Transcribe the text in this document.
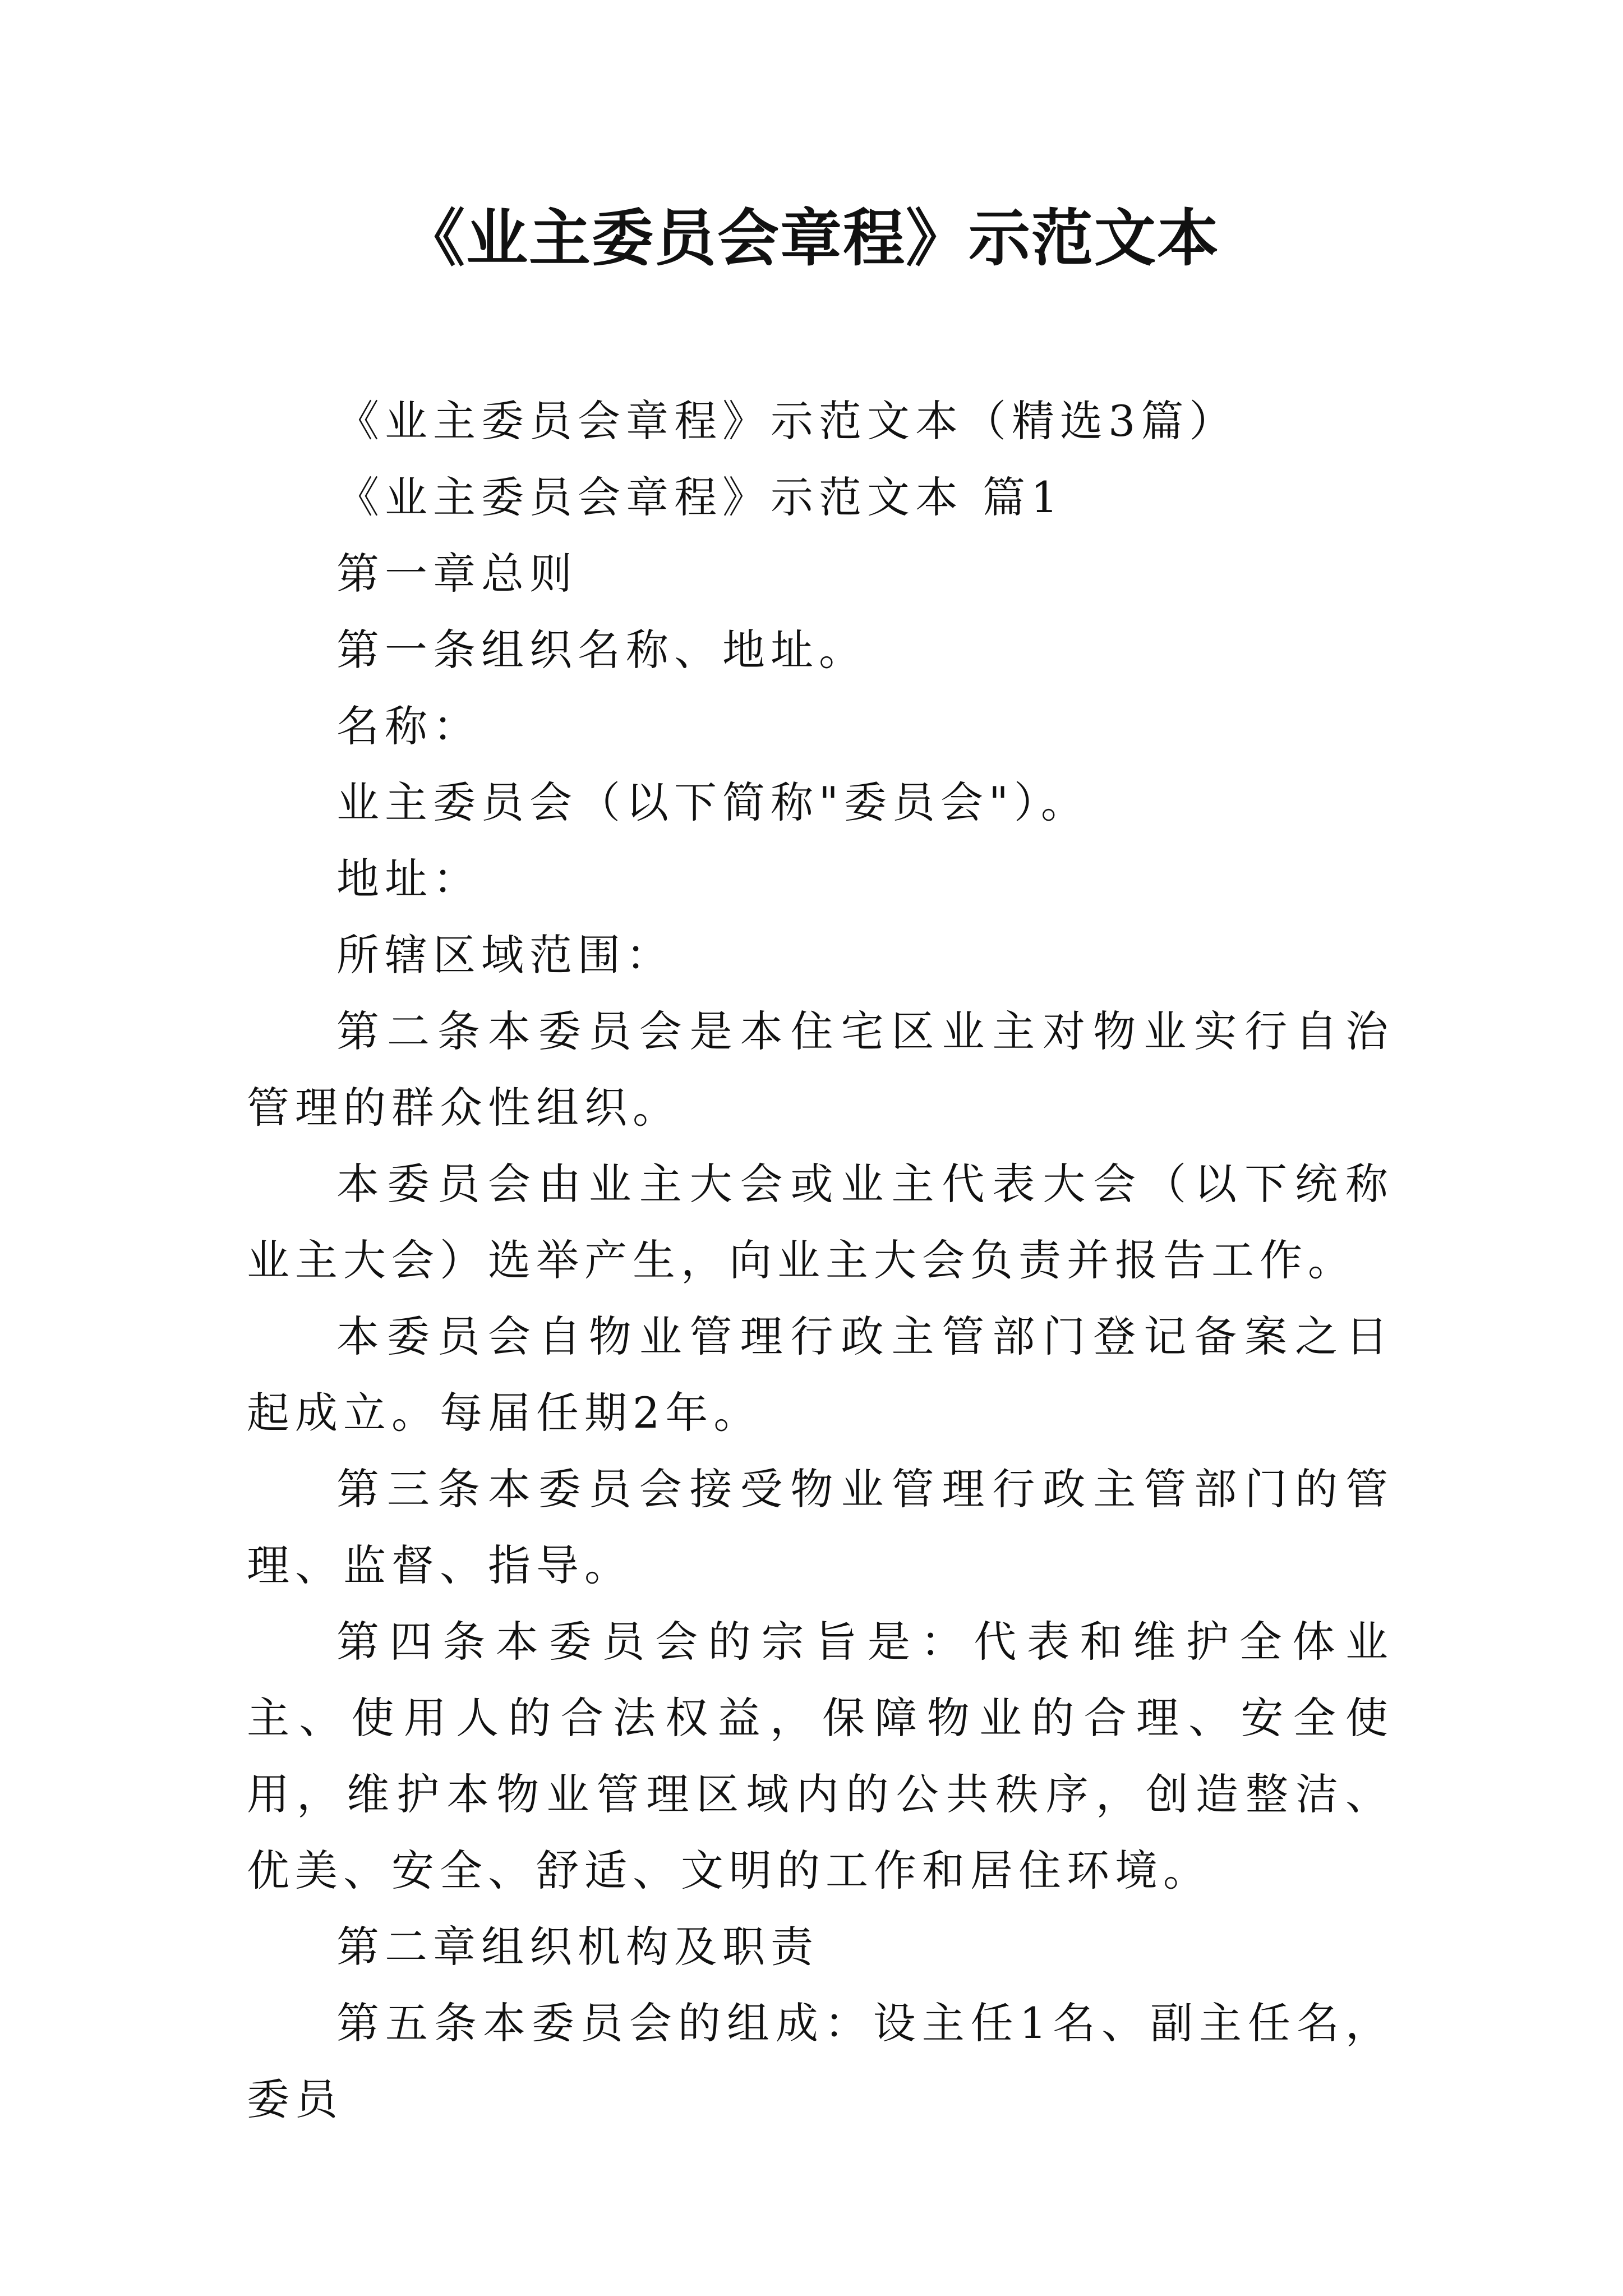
《业主委员会章程》示范文本

《业主委员会章程》示范文本（精选3篇）

《业主委员会章程》示范文本 篇1

第一章总则

第一条组织名称、地址。

名称：

业主委员会（以下简称"委员会"）。

地址：

所辖区域范围：

第二条本委员会是本住宅区业主对物业实行自治管理的群众性组织。

本委员会由业主大会或业主代表大会（以下统称业主大会）选举产生，向业主大会负责并报告工作。

本委员会自物业管理行政主管部门登记备案之日起成立。每届任期2年。

第三条本委员会接受物业管理行政主管部门的管理、监督、指导。

第四条本委员会的宗旨是：代表和维护全体业主、使用人的合法权益，保障物业的合理、安全使用，维护本物业管理区域内的公共秩序，创造整洁、优美、安全、舒适、文明的工作和居住环境。

第二章组织机构及职责

第五条本委员会的组成：设主任1名、副主任名，委员
